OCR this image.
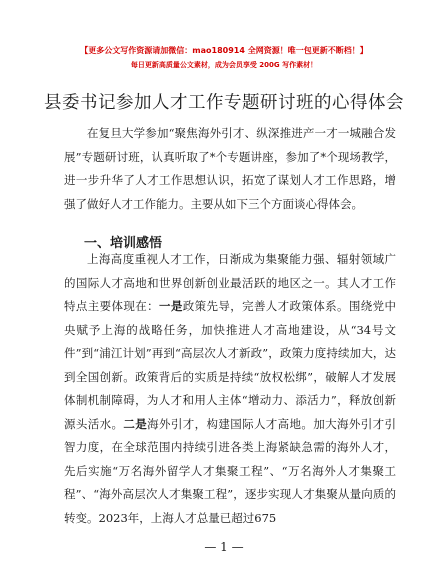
【更多公文写作资源请加微信：mao180914 全网资源！唯一包更新不断档！】
每日更新高质量公文素材，成为会员享受 200G 写作素材！
县委书记参加人才工作专题研讨班的心得体会
在复旦大学参加“聚焦海外引才、纵深推进产一才一城融合发展”专题研讨班，认真听取了*个专题讲座，参加了*个现场教学，进一步升华了人才工作思想认识，拓宽了谋划人才工作思路，增强了做好人才工作能力。主要从如下三个方面谈心得体会。
一、培训感悟
上海高度重视人才工作，日渐成为集聚能力强、辐射领域广的国际人才高地和世界创新创业最活跃的地区之一。其人才工作特点主要体现在：一是政策先导，完善人才政策体系。围绕党中央赋予上海的战略任务，加快推进人才高地建设，从“34号文件”到“浦江计划”再到“高层次人才新政”，政策力度持续加大，达到全国创新。政策背后的实质是持续“放权松绑”，破解人才发展体制机制障碍，为人才和用人主体“增动力、添活力”，释放创新源头活水。二是海外引才，构建国际人才高地。加大海外引才引智力度，在全球范围内持续引进各类上海紧缺急需的海外人才，先后实施“万名海外留学人才集聚工程”、“万名海外人才集聚工程”、“海外高层次人才集聚工程”，逐步实现人才集聚从量向质的转变。2023年，上海人才总量已超过675
— 1 —
